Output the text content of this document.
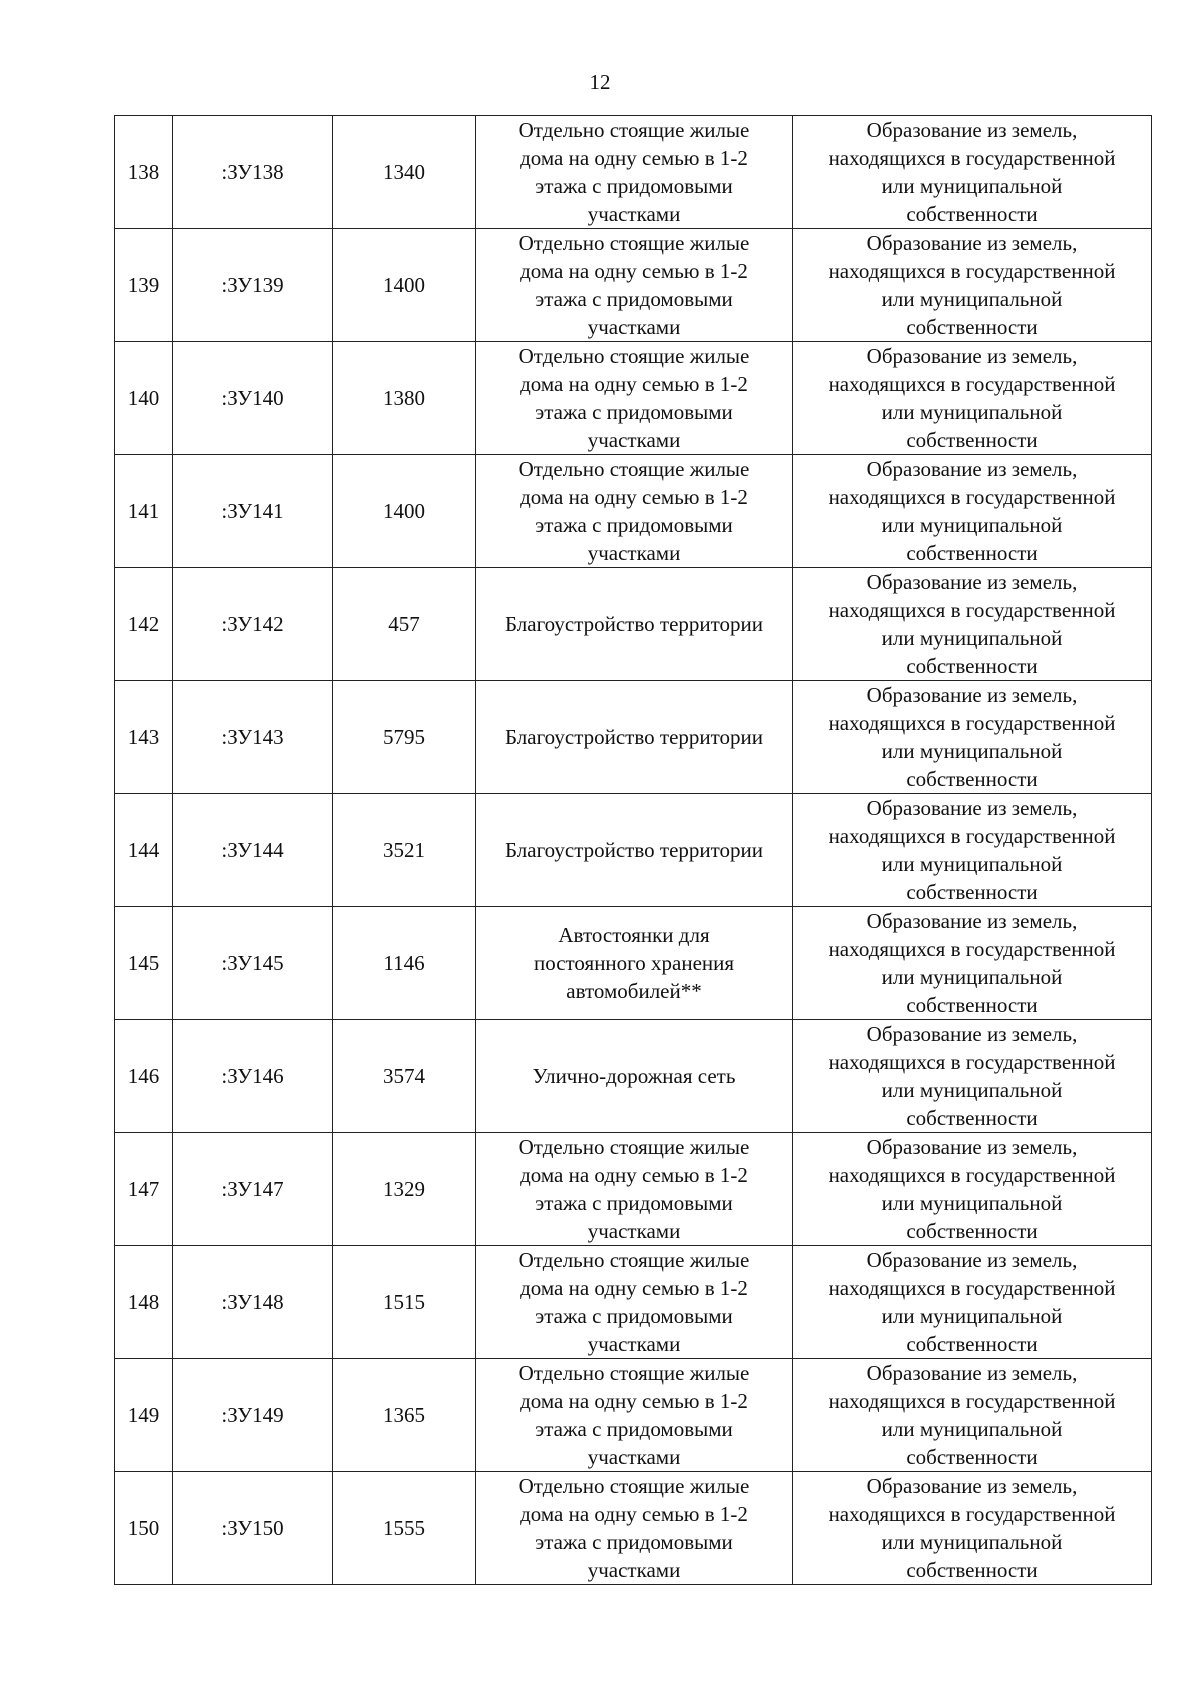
12
138	:ЗУ138	1340	Отдельно стоящие жилые
дома на одну семью в 1-2
этажа с придомовыми
участками	Образование из земель,
находящихся в государственной
или муниципальной
собственности
139	:ЗУ139	1400	Отдельно стоящие жилые
дома на одну семью в 1-2
этажа с придомовыми
участками	Образование из земель,
находящихся в государственной
или муниципальной
собственности
140	:ЗУ140	1380	Отдельно стоящие жилые
дома на одну семью в 1-2
этажа с придомовыми
участками	Образование из земель,
находящихся в государственной
или муниципальной
собственности
141	:ЗУ141	1400	Отдельно стоящие жилые
дома на одну семью в 1-2
этажа с придомовыми
участками	Образование из земель,
находящихся в государственной
или муниципальной
собственности
142	:ЗУ142	457	Благоустройство территории	Образование из земель,
находящихся в государственной
или муниципальной
собственности
143	:ЗУ143	5795	Благоустройство территории	Образование из земель,
находящихся в государственной
или муниципальной
собственности
144	:ЗУ144	3521	Благоустройство территории	Образование из земель,
находящихся в государственной
или муниципальной
собственности
145	:ЗУ145	1146	Автостоянки для
постоянного хранения
автомобилей**	Образование из земель,
находящихся в государственной
или муниципальной
собственности
146	:ЗУ146	3574	Улично-дорожная сеть	Образование из земель,
находящихся в государственной
или муниципальной
собственности
147	:ЗУ147	1329	Отдельно стоящие жилые
дома на одну семью в 1-2
этажа с придомовыми
участками	Образование из земель,
находящихся в государственной
или муниципальной
собственности
148	:ЗУ148	1515	Отдельно стоящие жилые
дома на одну семью в 1-2
этажа с придомовыми
участками	Образование из земель,
находящихся в государственной
или муниципальной
собственности
149	:ЗУ149	1365	Отдельно стоящие жилые
дома на одну семью в 1-2
этажа с придомовыми
участками	Образование из земель,
находящихся в государственной
или муниципальной
собственности
150	:ЗУ150	1555	Отдельно стоящие жилые
дома на одну семью в 1-2
этажа с придомовыми
участками	Образование из земель,
находящихся в государственной
или муниципальной
собственности
